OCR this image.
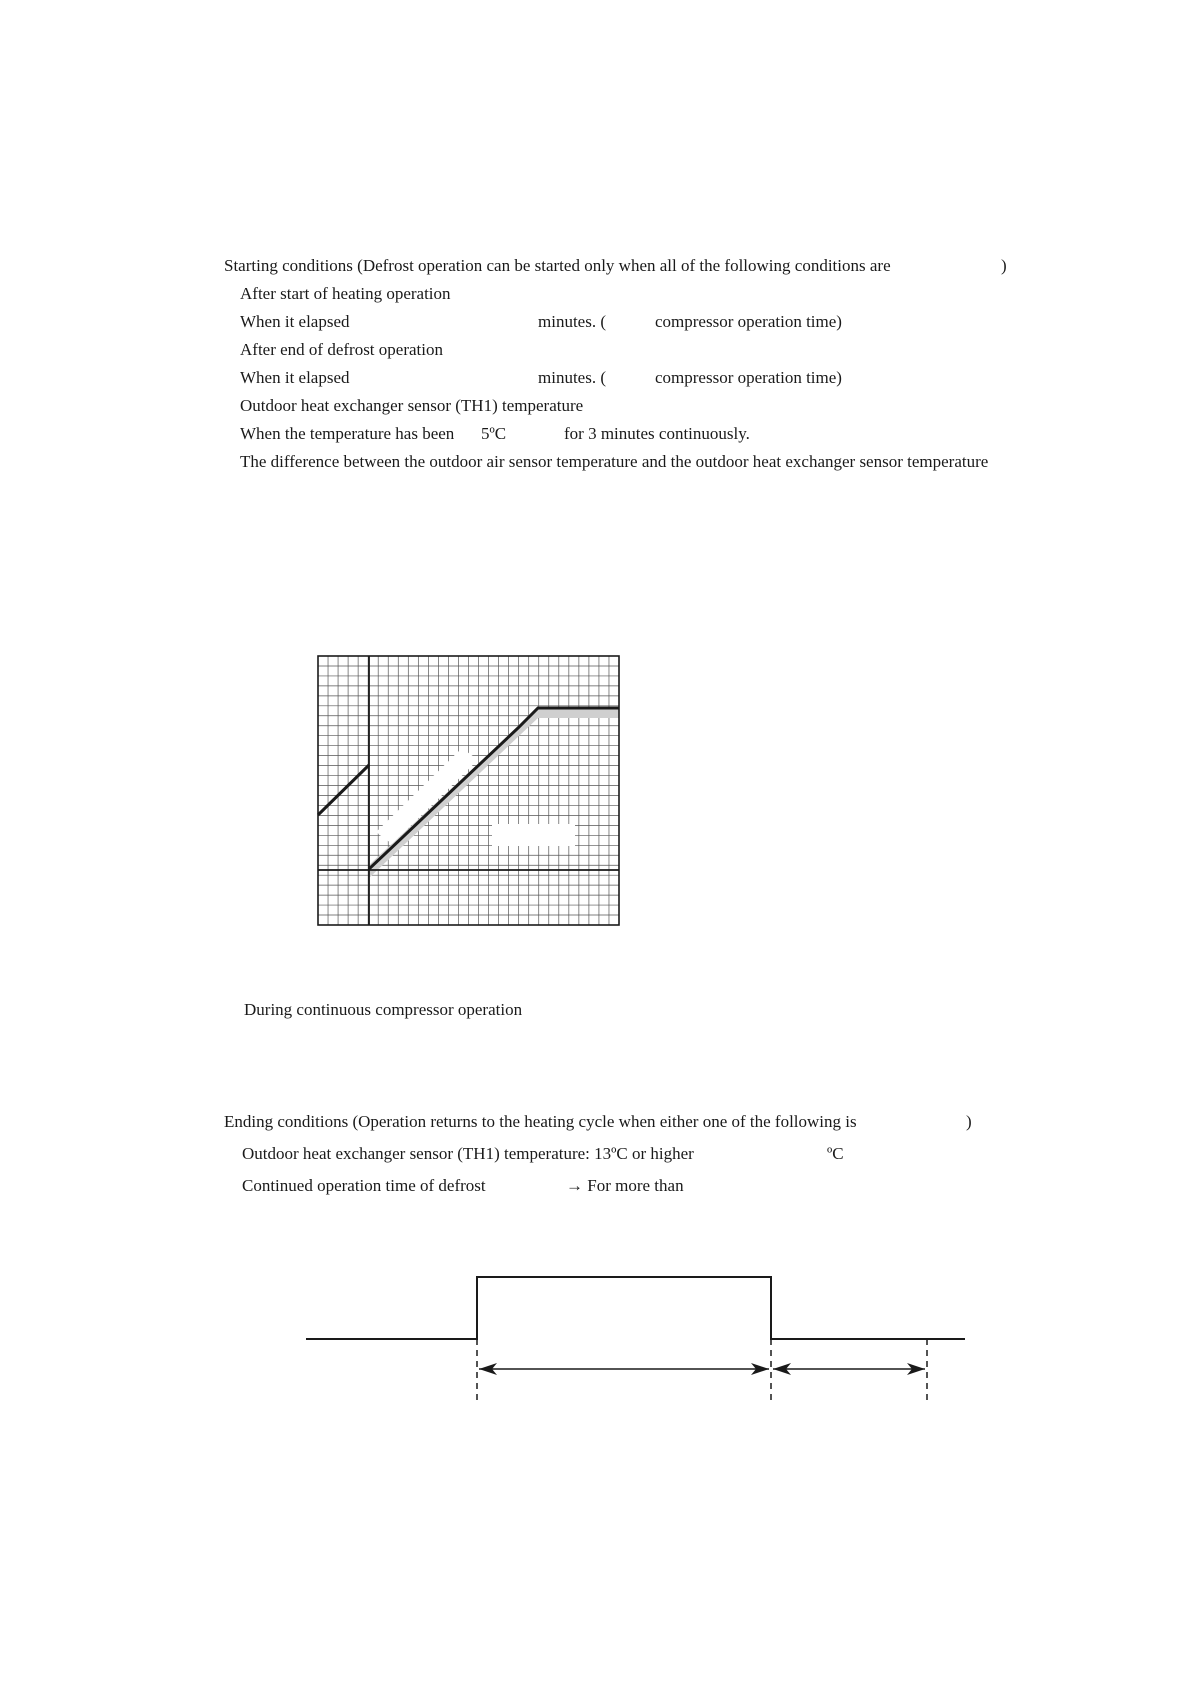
Starting conditions (Defrost operation can be started only when all of the following conditions are	)
After start of heating operation
When it elapsed	minutes. (	compressor operation time)
After end of defrost operation
When it elapsed	minutes. (	compressor operation time)
Outdoor heat exchanger sensor (TH1) temperature
When the temperature has been 5ºC	for 3 minutes continuously.
The difference between the outdoor air sensor temperature and the outdoor heat exchanger sensor temperature
During continuous compressor operation
Ending conditions (Operation returns to the heating cycle when either one of the following is	)
Outdoor heat exchanger sensor (TH1) temperature: 13ºC or higher	ºC
Continued operation time of defrost	→ For more than
